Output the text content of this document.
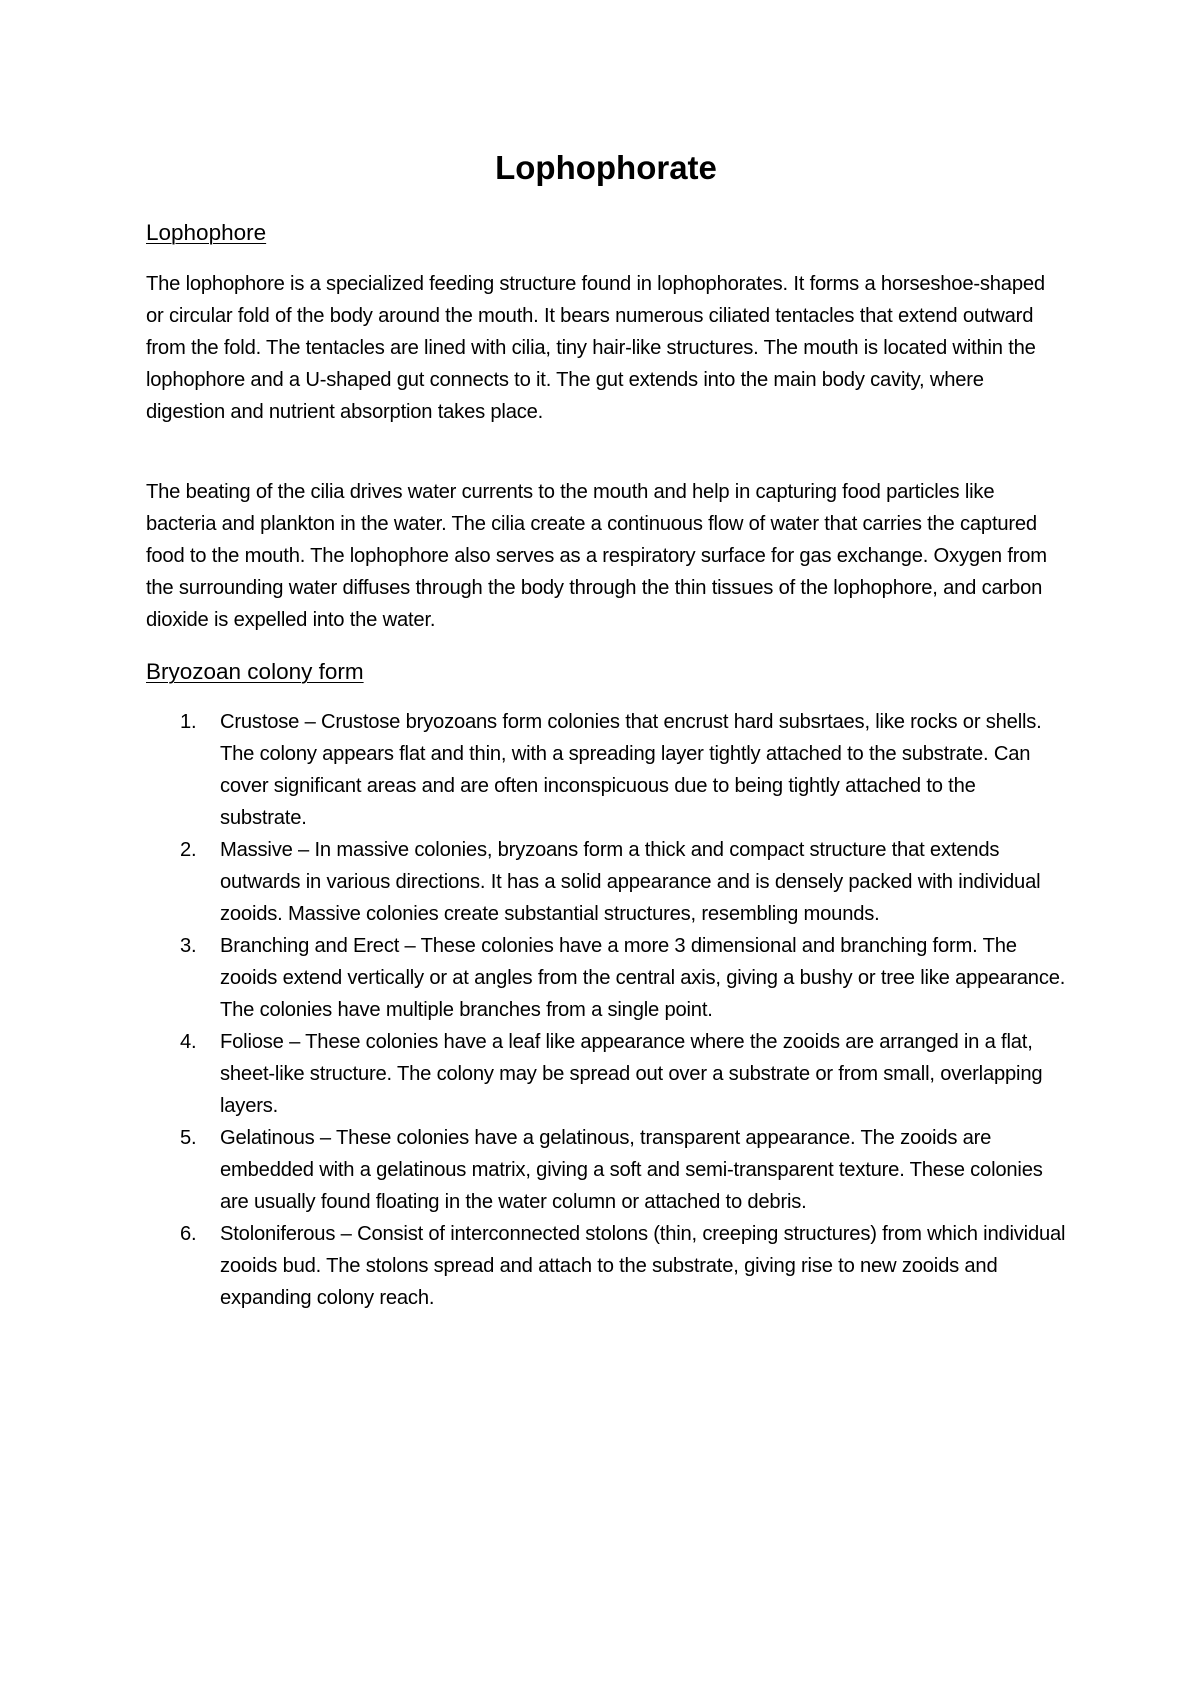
Lophophorate
Lophophore

The lophophore is a specialized feeding structure found in lophophorates. It forms a horseshoe-shaped or circular fold of the body around the mouth. It bears numerous ciliated tentacles that extend outward from the fold. The tentacles are lined with cilia, tiny hair-like structures. The mouth is located within the lophophore and a U-shaped gut connects to it. The gut extends into the main body cavity, where digestion and nutrient absorption takes place.

The beating of the cilia drives water currents to the mouth and help in capturing food particles like bacteria and plankton in the water. The cilia create a continuous flow of water that carries the captured food to the mouth. The lophophore also serves as a respiratory surface for gas exchange. Oxygen from the surrounding water diffuses through the body through the thin tissues of the lophophore, and carbon dioxide is expelled into the water.

Bryozoan colony form
1. Crustose – Crustose bryozoans form colonies that encrust hard subsrtaes, like rocks or shells. The colony appears flat and thin, with a spreading layer tightly attached to the substrate. Can cover significant areas and are often inconspicuous due to being tightly attached to the substrate.
2. Massive – In massive colonies, bryzoans form a thick and compact structure that extends outwards in various directions. It has a solid appearance and is densely packed with individual zooids. Massive colonies create substantial structures, resembling mounds.
3. Branching and Erect – These colonies have a more 3 dimensional and branching form. The zooids extend vertically or at angles from the central axis, giving a bushy or tree like appearance. The colonies have multiple branches from a single point.
4. Foliose – These colonies have a leaf like appearance where the zooids are arranged in a flat, sheet-like structure. The colony may be spread out over a substrate or from small, overlapping layers.
5. Gelatinous – These colonies have a gelatinous, transparent appearance. The zooids are embedded with a gelatinous matrix, giving a soft and semi-transparent texture. These colonies are usually found floating in the water column or attached to debris.
6. Stoloniferous – Consist of interconnected stolons (thin, creeping structures) from which individual zooids bud. The stolons spread and attach to the substrate, giving rise to new zooids and expanding colony reach.
